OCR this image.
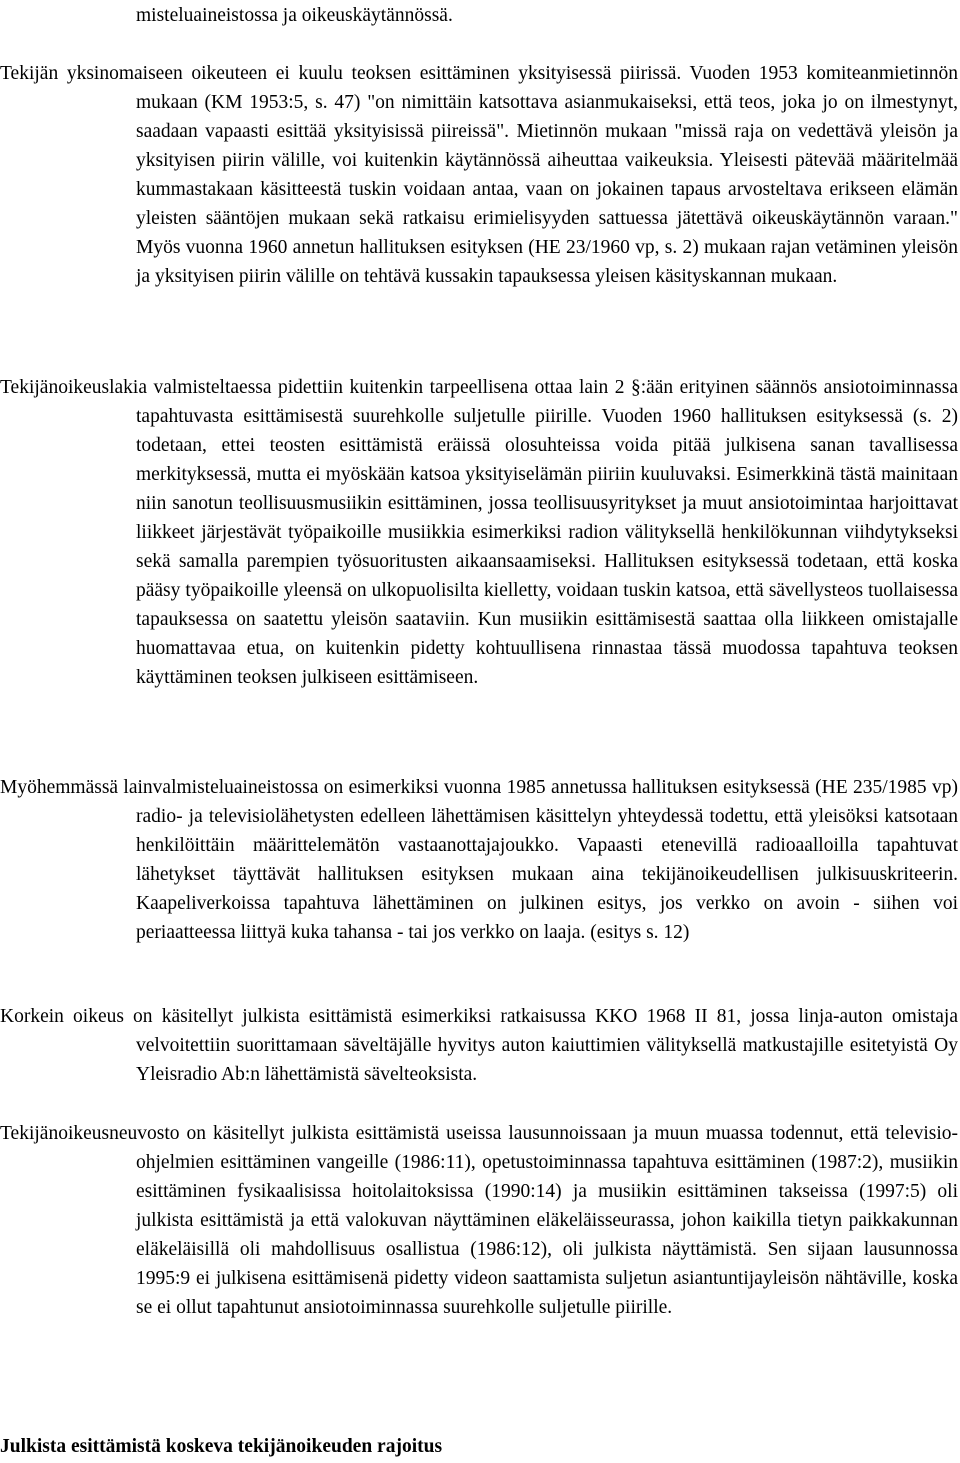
misteluaineistossa ja oikeuskäytännössä.

Tekijän yksinomaiseen oikeuteen ei kuulu teoksen esittäminen yksityisessä piirissä. Vuoden 1953 komiteanmietinnön mukaan (KM 1953:5, s. 47) "on nimittäin katsottava asianmukaiseksi, että teos, joka jo on ilmestynyt, saadaan vapaasti esittää yksityisissä piireissä". Mietinnön mukaan "missä raja on vedettävä yleisön ja yksityisen piirin välille, voi kuitenkin käytännössä aiheuttaa vaikeuksia. Yleisesti pätevää määritelmää kummastakaan käsitteestä tuskin voidaan antaa, vaan on jokainen tapaus arvosteltava erikseen elämän yleisten sääntöjen mukaan sekä ratkaisu erimielisyyden sattuessa jätettävä oikeuskäytännön varaan." Myös vuonna 1960 annetun hallituksen esityksen (HE 23/1960 vp, s. 2) mukaan rajan vetäminen yleisön ja yksityisen piirin välille on tehtävä kussakin tapauksessa yleisen käsityskannan mukaan.

Tekijänoikeuslakia valmisteltaessa pidettiin kuitenkin tarpeellisena ottaa lain 2 §:ään erityinen säännös ansiotoiminnassa tapahtuvasta esittämisestä suurehkolle suljetulle piirille. Vuoden 1960 hallituksen esityksessä (s. 2) todetaan, ettei teosten esittämistä eräissä olosuhteissa voida pitää julkisena sanan tavallisessa merkityksessä, mutta ei myöskään katsoa yksityiselämän piiriin kuuluvaksi. Esimerkkinä tästä mainitaan niin sanotun teollisuusmusiikin esittäminen, jossa teollisuusyritykset ja muut ansiotoimintaa harjoittavat liikkeet järjestävät työpaikoille musiikkia esimerkiksi radion välityksellä henkilökunnan viihdytykseksi sekä samalla parempien työsuoritusten aikaansaamiseksi. Hallituksen esityksessä todetaan, että koska pääsy työpaikoille yleensä on ulkopuolisilta kielletty, voidaan tuskin katsoa, että sävellysteos tuollaisessa tapauksessa on saatettu yleisön saataviin. Kun musiikin esittämisestä saattaa olla liikkeen omistajalle huomattavaa etua, on kuitenkin pidetty kohtuullisena rinnastaa tässä muodossa tapahtuva teoksen käyttäminen teoksen julkiseen esittämiseen.

Myöhemmässä lainvalmisteluaineistossa on esimerkiksi vuonna 1985 annetussa hallituksen esityksessä (HE 235/1985 vp) radio- ja televisiolähetysten edelleen lähettämisen käsittelyn yhteydessä todettu, että yleisöksi katsotaan henkilöittäin määrittelemätön vastaanottajajoukko. Vapaasti etenevillä radioaalloilla tapahtuvat lähetykset täyttävät hallituksen esityksen mukaan aina tekijänoikeudellisen julkisuuskriteerin. Kaapeliverkoissa tapahtuva lähettäminen on julkinen esitys, jos verkko on avoin - siihen voi periaatteessa liittyä kuka tahansa - tai jos verkko on laaja. (esitys s. 12)

Korkein oikeus on käsitellyt julkista esittämistä esimerkiksi ratkaisussa KKO 1968 II 81, jossa linja-auton omistaja velvoitettiin suorittamaan säveltäjälle hyvitys auton kaiuttimien välityksellä matkustajille esitetyistä Oy Yleisradio Ab:n lähettämistä sävelteoksista.

Tekijänoikeusneuvosto on käsitellyt julkista esittämistä useissa lausunnoissaan ja muun muassa todennut, että televisio-ohjelmien esittäminen vangeille (1986:11), opetustoiminnassa tapahtuva esittäminen (1987:2), musiikin esittäminen fysikaalisissa hoitolaitoksissa (1990:14) ja musiikin esittäminen takseissa (1997:5) oli julkista esittämistä ja että valokuvan näyttäminen eläkeläisseurassa, johon kaikilla tietyn paikkakunnan eläkeläisillä oli mahdollisuus osallistua (1986:12), oli julkista näyttämistä. Sen sijaan lausunnossa 1995:9 ei julkisena esittämisenä pidetty videon saattamista suljetun asiantuntijayleisön nähtäville, koska se ei ollut tapahtunut ansiotoiminnassa suurehkolle suljetulle piirille.

Julkista esittämistä koskeva tekijänoikeuden rajoitus
